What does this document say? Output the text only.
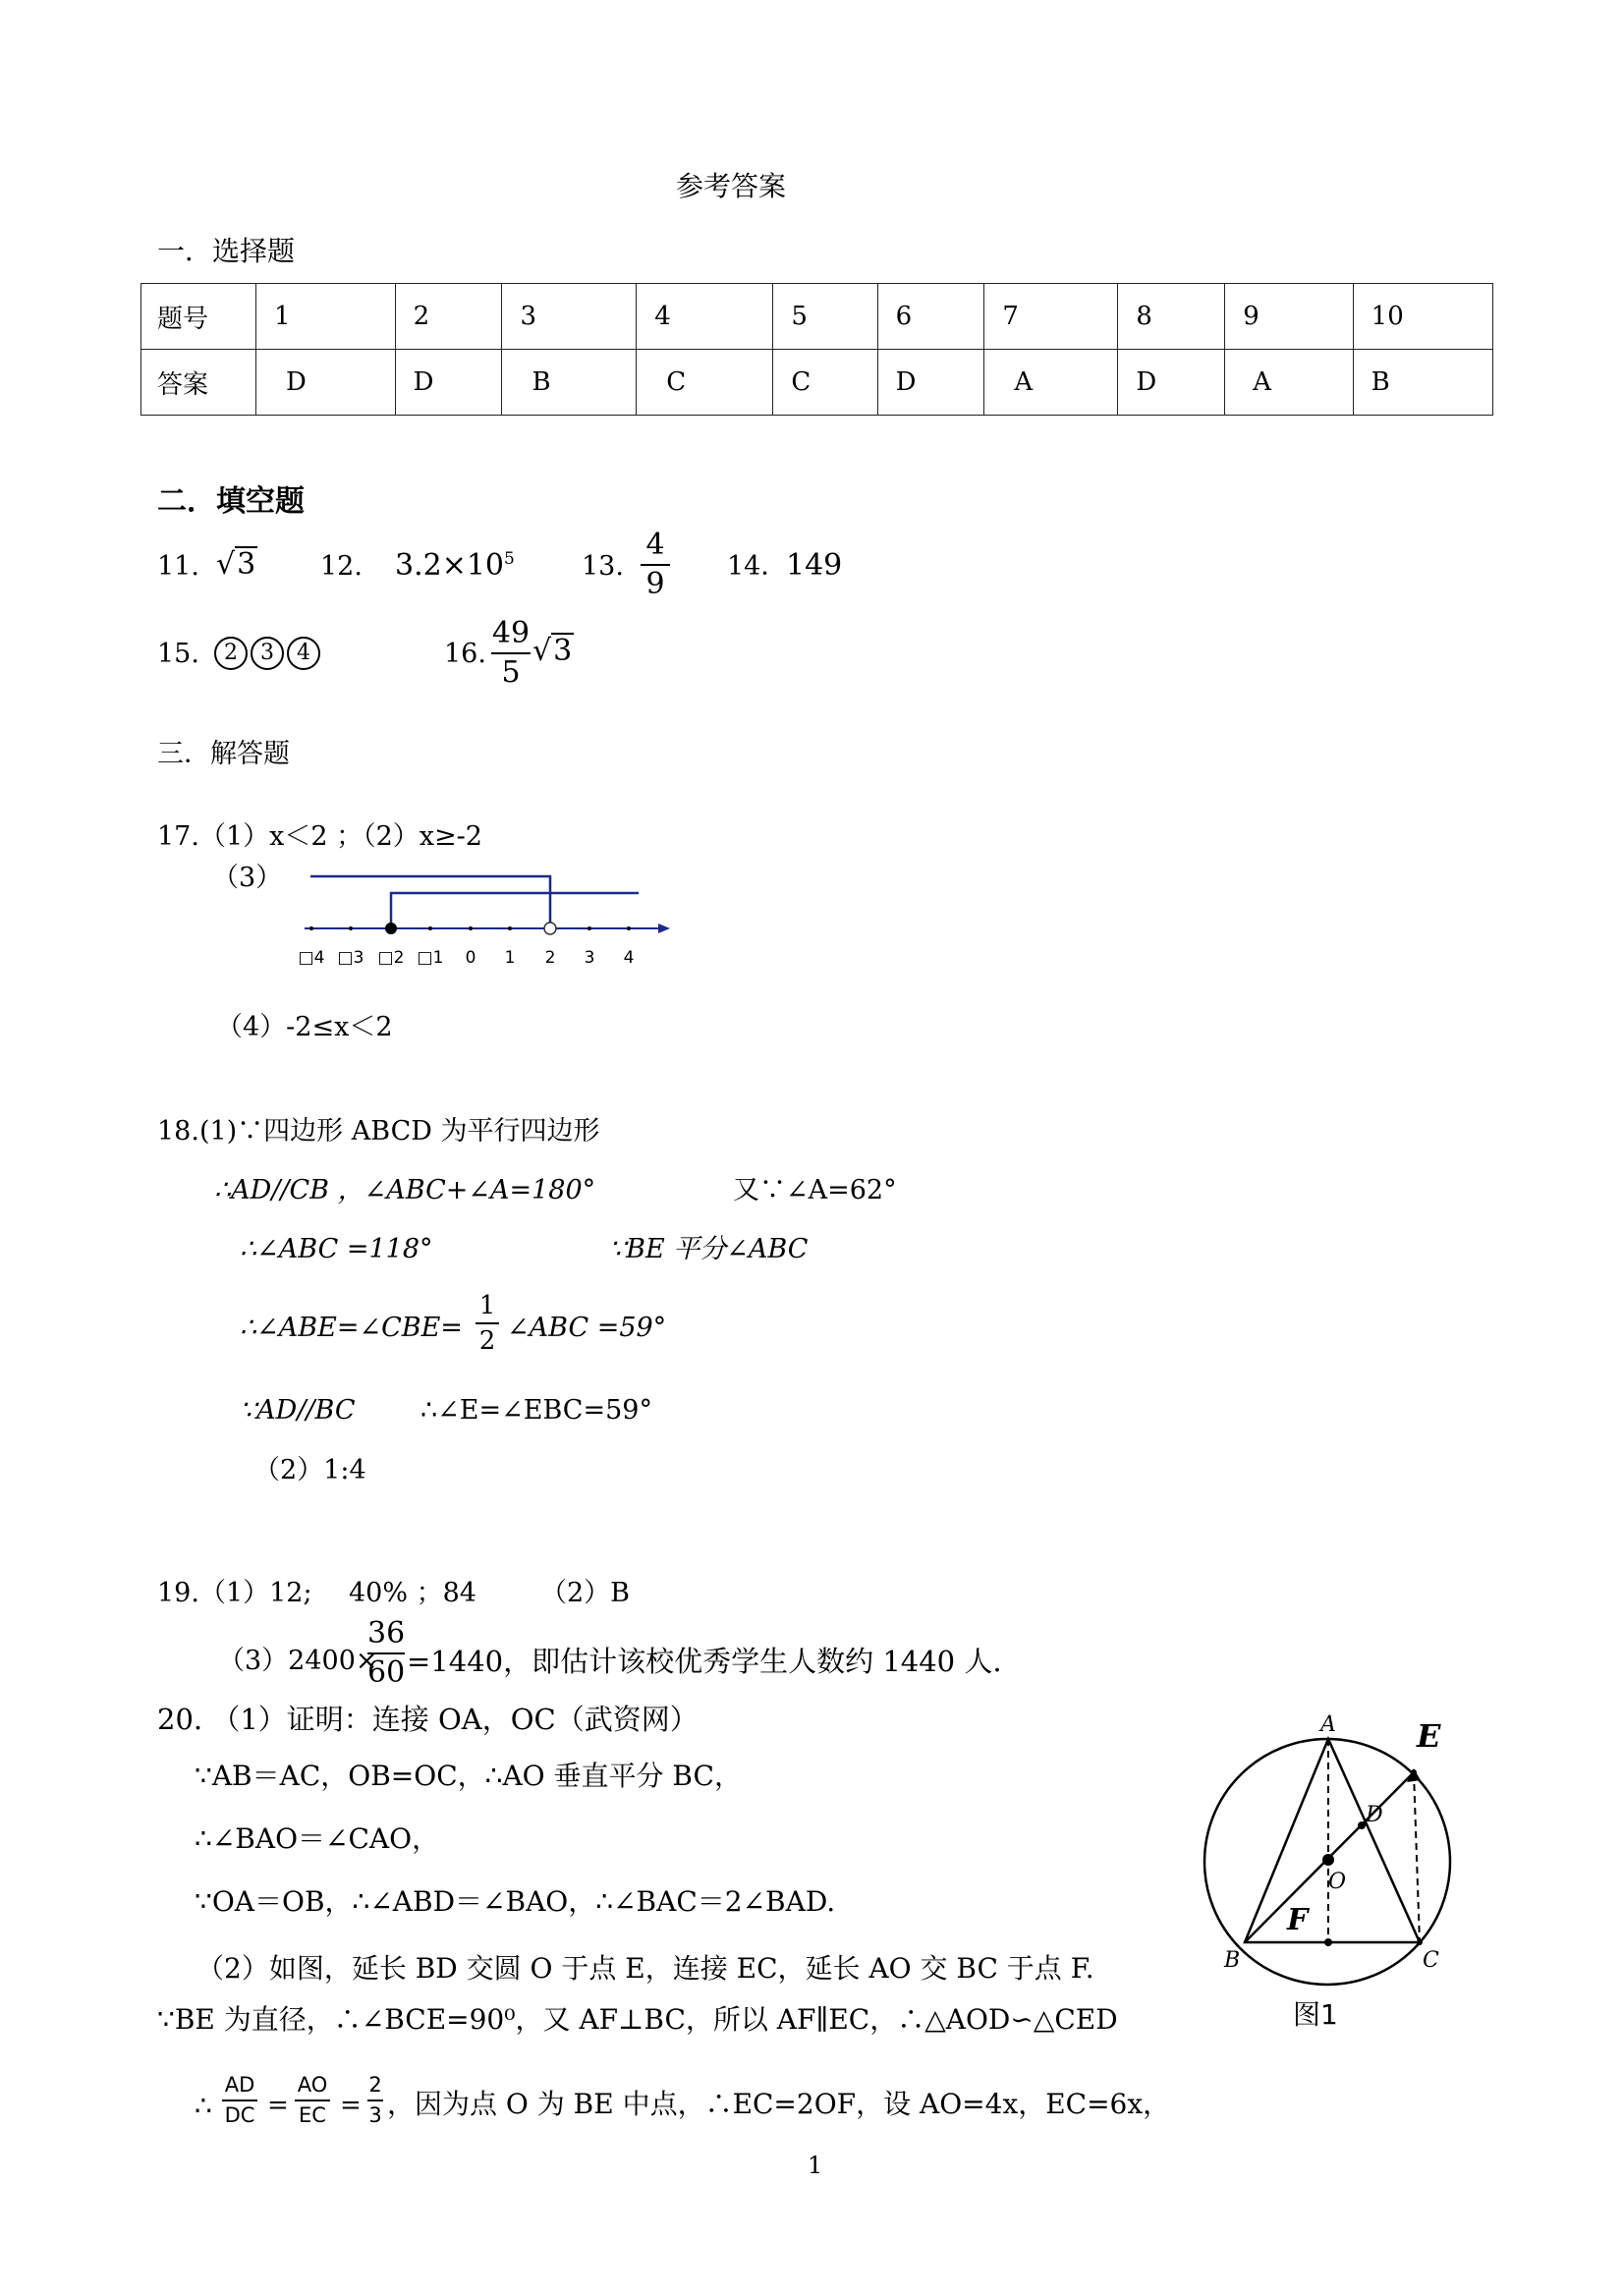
参考答案
一．选择题
题号	1	2	3	4	5	6	7	8	9	10
答案	D	D	B	C	C	D	A	D	A	B
二．填空题
11. √3 12. $3.2\times 10^5$	13.
4
9
14．
149
15.	2 3 4	16.
49
5
√3
三．解答题
17.（1）x＜2 ；（2）x≥-2
（3）
□4 □3 □2 □1 0 1 2 3 4
（4）-2≤x＜2
18.(1)∵四边形 ABCD 为平行四边形
∴AD//CB ，∠ABC+∠A=180°	又∵∠A=62°
∴∠ABC =118°	∵BE 平分∠ABC
∴∠ABE=∠CBE=
1
2 ∠ABC =59°
∵AD//BC ∴∠E=∠EBC=59°
（2）1:4
19.（1）12; 40% ；84 （2）B
（3）2400×
36
60 =1440，即估计该校优秀学生人数约 1440 人.
20. （1）证明：连接 OA，OC（武资网）
∵AB＝AC，OB=OC，∴AO 垂直平分 BC，
∴∠BAO＝∠CAO，
∵OA＝OB，∴∠ABD＝∠BAO，∴∠BAC＝2∠BAD.
（2）如图，延长 BD 交圆 O 于点 E，连接 EC，延长 AO 交 BC 于点 F.
∵BE 为直径，∴∠BCE=90⁰，又 AF⊥BC，所以 AF∥EC，∴△AOD∽△CED
∴
AD
DC =
AO
EC =
2
3 ，因为点 O 为 BE 中点，∴EC=2OF，设 AO=4x，EC=6x，
A	E
D
O
F
B	C
图1
1
